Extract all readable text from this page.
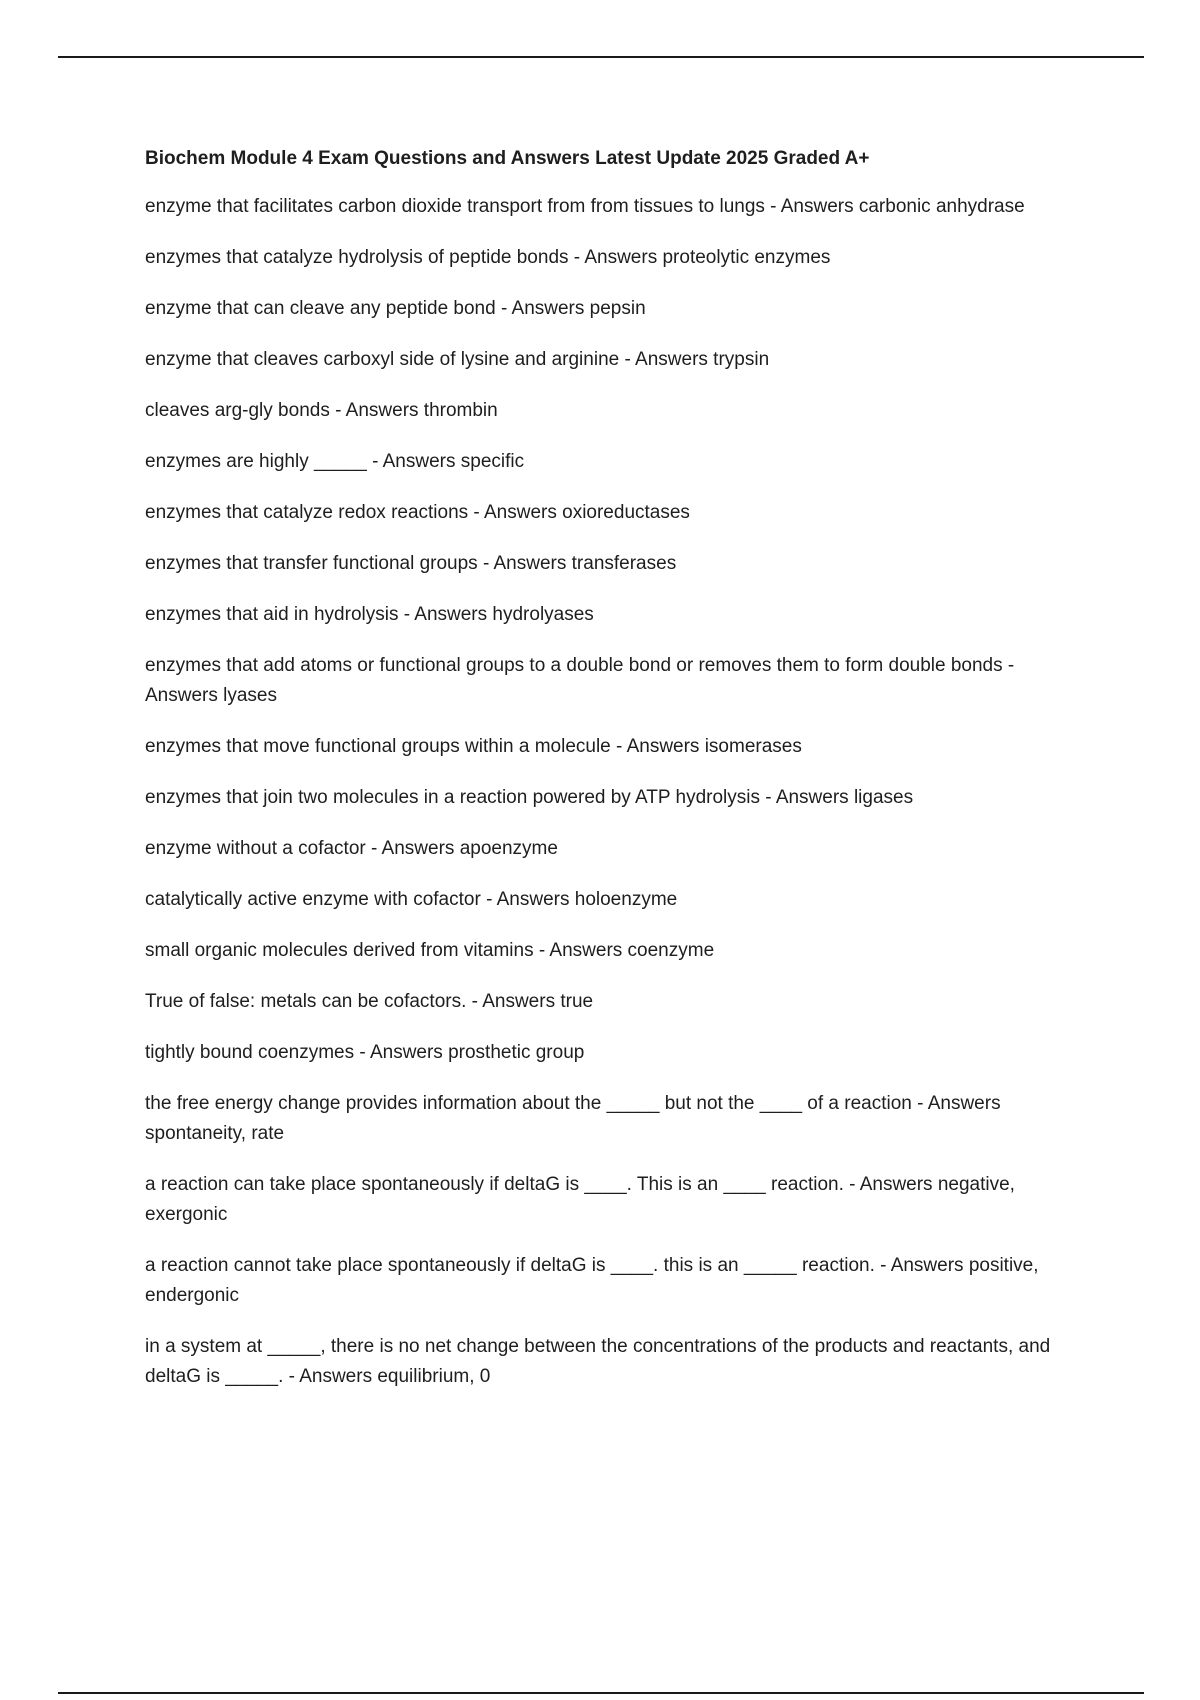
Biochem Module 4 Exam Questions and Answers Latest Update 2025 Graded A+
enzyme that facilitates carbon dioxide transport from from tissues to lungs - Answers carbonic anhydrase
enzymes that catalyze hydrolysis of peptide bonds - Answers proteolytic enzymes
enzyme that can cleave any peptide bond - Answers pepsin
enzyme that cleaves carboxyl side of lysine and arginine - Answers trypsin
cleaves arg-gly bonds - Answers thrombin
enzymes are highly _____ - Answers specific
enzymes that catalyze redox reactions - Answers oxioreductases
enzymes that transfer functional groups - Answers transferases
enzymes that aid in hydrolysis - Answers hydrolyases
enzymes that add atoms or functional groups to a double bond or removes them to form double bonds - Answers lyases
enzymes that move functional groups within a molecule - Answers isomerases
enzymes that join two molecules in a reaction powered by ATP hydrolysis - Answers ligases
enzyme without a cofactor - Answers apoenzyme
catalytically active enzyme with cofactor - Answers holoenzyme
small organic molecules derived from vitamins - Answers coenzyme
True of false: metals can be cofactors. - Answers true
tightly bound coenzymes - Answers prosthetic group
the free energy change provides information about the _____ but not the ____ of a reaction - Answers spontaneity, rate
a reaction can take place spontaneously if deltaG is ____. This is an ____ reaction. - Answers negative, exergonic
a reaction cannot take place spontaneously if deltaG is ____. this is an _____ reaction. - Answers positive, endergonic
in a system at _____, there is no net change between the concentrations of the products and reactants, and deltaG is _____. - Answers equilibrium, 0
